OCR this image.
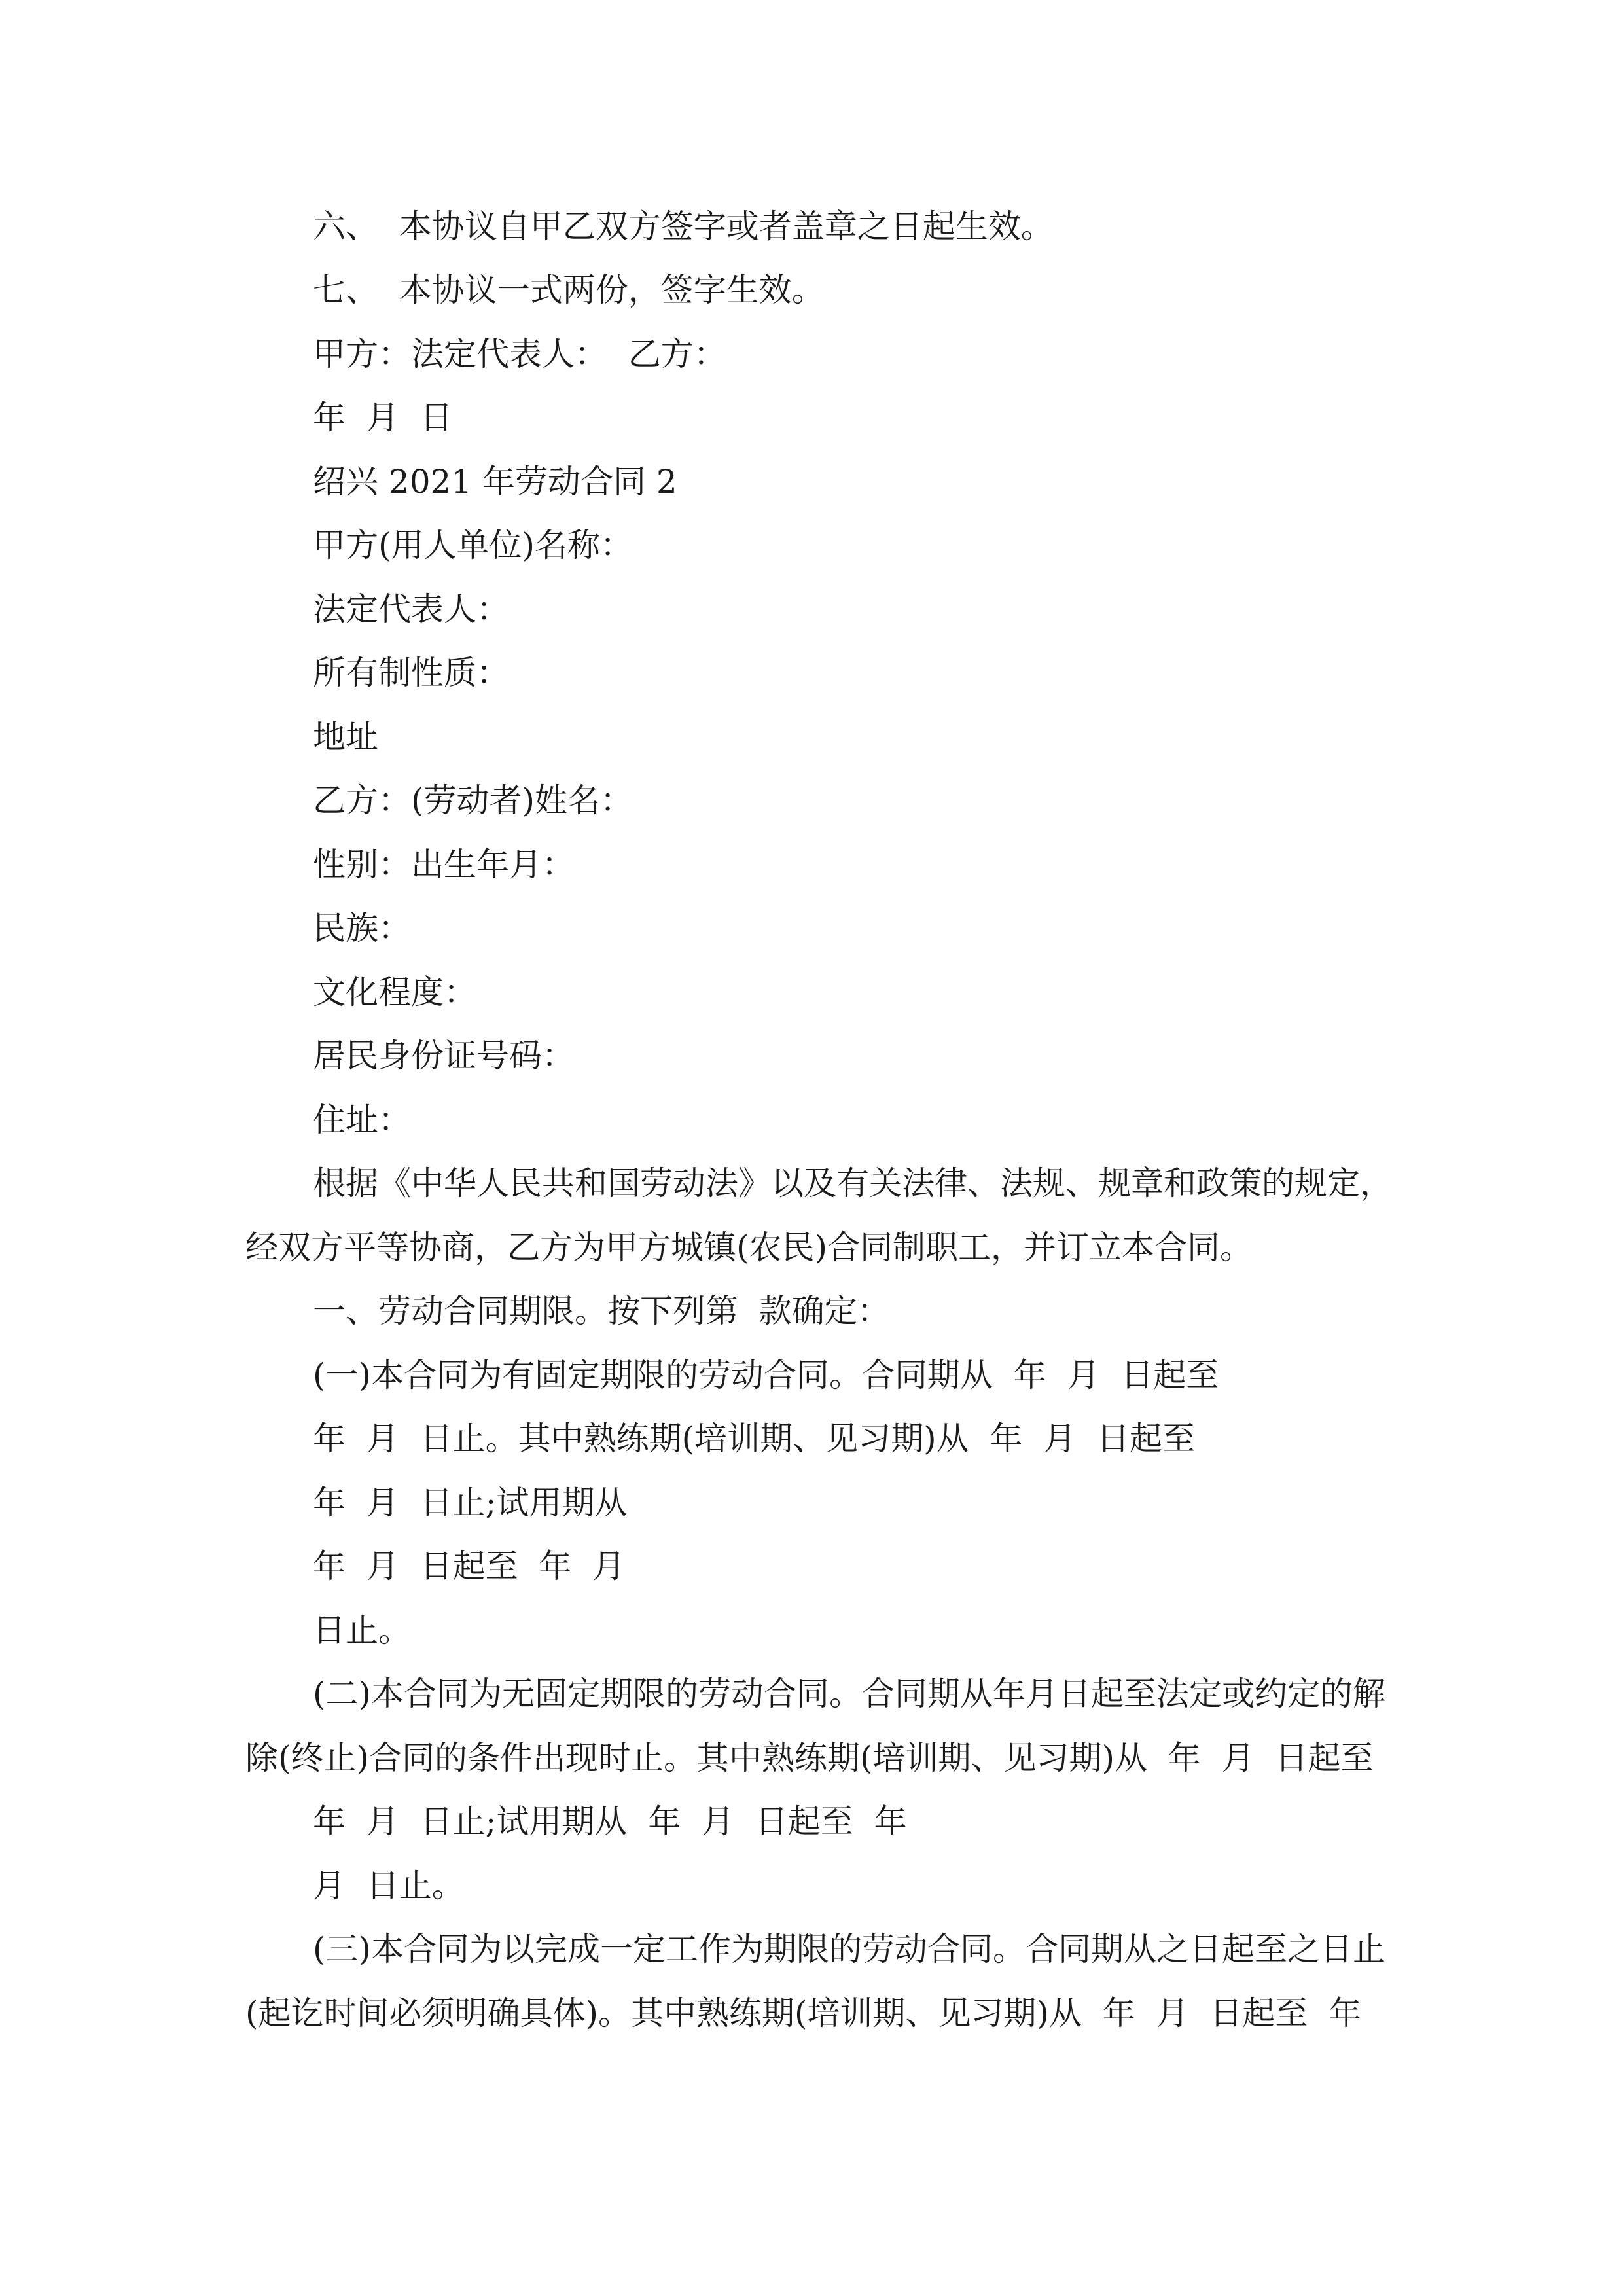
六、  本协议自甲乙双方签字或者盖章之日起生效。
七、  本协议一式两份，签字生效。
甲方：法定代表人：  乙方：
年  月  日
绍兴 2021 年劳动合同 2
甲方(用人单位)名称：
法定代表人：
所有制性质：
地址
乙方：(劳动者)姓名：
性别：出生年月：
民族：
文化程度：
居民身份证号码：
住址：
根据《中华人民共和国劳动法》以及有关法律、法规、规章和政策的规定，
经双方平等协商，乙方为甲方城镇(农民)合同制职工，并订立本合同。
一、劳动合同期限。按下列第  款确定：
(一)本合同为有固定期限的劳动合同。合同期从  年  月  日起至
年  月  日止。其中熟练期(培训期、见习期)从  年  月  日起至
年  月  日止;试用期从
年  月  日起至  年  月
日止。
(二)本合同为无固定期限的劳动合同。合同期从年月日起至法定或约定的解
除(终止)合同的条件出现时止。其中熟练期(培训期、见习期)从  年  月  日起至
年  月  日止;试用期从  年  月  日起至  年
月  日止。
(三)本合同为以完成一定工作为期限的劳动合同。合同期从之日起至之日止
(起讫时间必须明确具体)。其中熟练期(培训期、见习期)从  年  月  日起至  年
